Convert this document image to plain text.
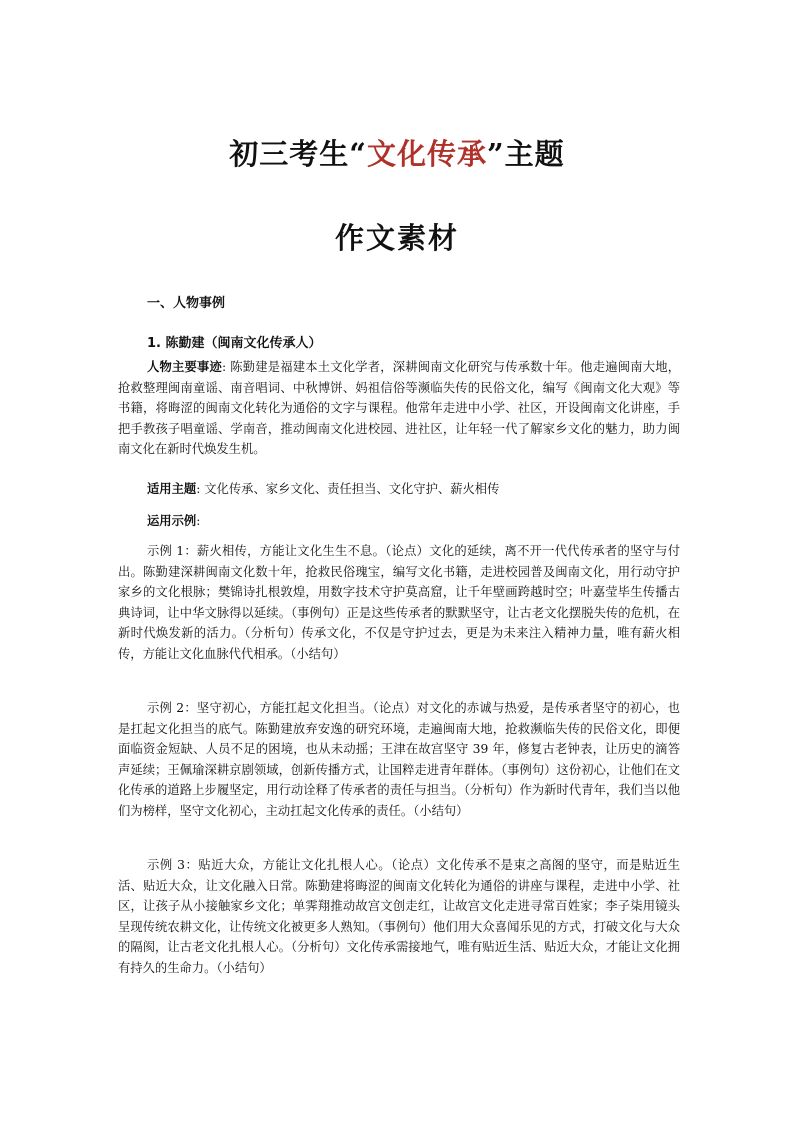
初三考生“文化传承”主题
作文素材
一、人物事例
1. 陈勤建（闽南文化传承人）

人物主要事迹: 陈勤建是福建本土文化学者，深耕闽南文化研究与传承数十年。他走遍闽南大地，抢救整理闽南童谣、南音唱词、中秋博饼、妈祖信俗等濒临失传的民俗文化，编写《闽南文化大观》等书籍，将晦涩的闽南文化转化为通俗的文字与课程。他常年走进中小学、社区，开设闽南文化讲座，手把手教孩子唱童谣、学南音，推动闽南文化进校园、进社区，让年轻一代了解家乡文化的魅力，助力闽南文化在新时代焕发生机。

适用主题: 文化传承、家乡文化、责任担当、文化守护、薪火相传

运用示例:

示例 1：薪火相传，方能让文化生生不息。（论点）文化的延续，离不开一代代传承者的坚守与付出。陈勤建深耕闽南文化数十年，抢救民俗瑰宝，编写文化书籍，走进校园普及闽南文化，用行动守护家乡的文化根脉；樊锦诗扎根敦煌，用数字技术守护莫高窟，让千年壁画跨越时空；叶嘉莹毕生传播古典诗词，让中华文脉得以延续。（事例句）正是这些传承者的默默坚守，让古老文化摆脱失传的危机，在新时代焕发新的活力。（分析句）传承文化，不仅是守护过去，更是为未来注入精神力量，唯有薪火相传，方能让文化血脉代代相承。（小结句）

示例 2：坚守初心，方能扛起文化担当。（论点）对文化的赤诚与热爱，是传承者坚守的初心，也是扛起文化担当的底气。陈勤建放弃安逸的研究环境，走遍闽南大地，抢救濒临失传的民俗文化，即便面临资金短缺、人员不足的困境，也从未动摇；王津在故宫坚守 39 年，修复古老钟表，让历史的滴答声延续；王佩瑜深耕京剧领域，创新传播方式，让国粹走进青年群体。（事例句）这份初心，让他们在文化传承的道路上步履坚定，用行动诠释了传承者的责任与担当。（分析句）作为新时代青年，我们当以他们为榜样，坚守文化初心，主动扛起文化传承的责任。（小结句）

示例 3：贴近大众，方能让文化扎根人心。（论点）文化传承不是束之高阁的坚守，而是贴近生活、贴近大众，让文化融入日常。陈勤建将晦涩的闽南文化转化为通俗的讲座与课程，走进中小学、社区，让孩子从小接触家乡文化；单霁翔推动故宫文创走红，让故宫文化走进寻常百姓家；李子柒用镜头呈现传统农耕文化，让传统文化被更多人熟知。（事例句）他们用大众喜闻乐见的方式，打破文化与大众的隔阂，让古老文化扎根人心。（分析句）文化传承需接地气，唯有贴近生活、贴近大众，才能让文化拥有持久的生命力。（小结句）
